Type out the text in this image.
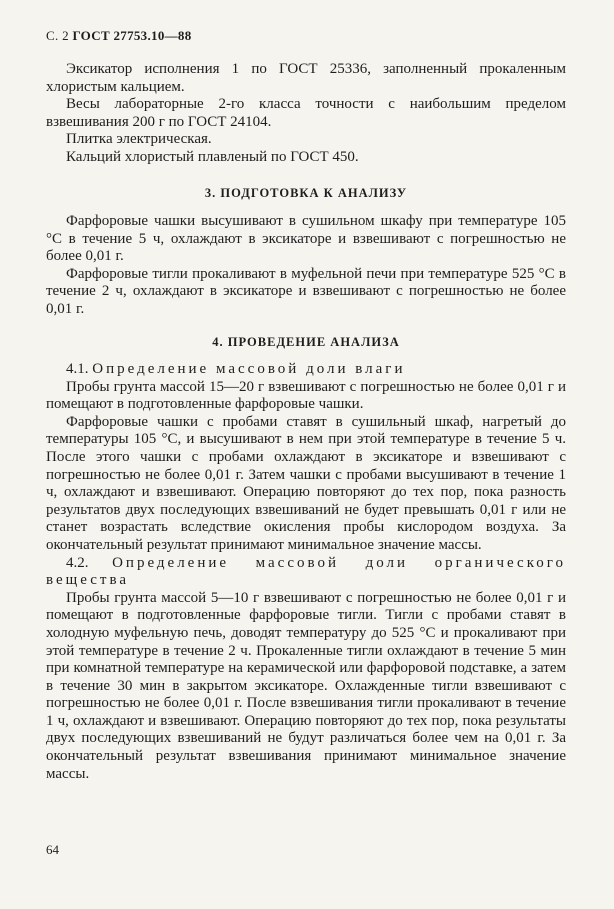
С. 2 ГОСТ 27753.10—88

Эксикатор исполнения 1 по ГОСТ 25336, заполненный прокаленным хлористым кальцием.

Весы лабораторные 2-го класса точности с наибольшим пределом взвешивания 200 г по ГОСТ 24104.

Плитка электрическая.

Кальций хлористый плавленый по ГОСТ 450.

3. ПОДГОТОВКА К АНАЛИЗУ

Фарфоровые чашки высушивают в сушильном шкафу при температуре 105 °С в течение 5 ч, охлаждают в эксикаторе и взвешивают с погрешностью не более 0,01 г.

Фарфоровые тигли прокаливают в муфельной печи при температуре 525 °С в течение 2 ч, охлаждают в эксикаторе и взвешивают с погрешностью не более 0,01 г.

4. ПРОВЕДЕНИЕ АНАЛИЗА

4.1. Определение массовой доли влаги

Пробы грунта массой 15—20 г взвешивают с погрешностью не более 0,01 г и помещают в подготовленные фарфоровые чашки.

Фарфоровые чашки с пробами ставят в сушильный шкаф, нагретый до температуры 105 °С, и высушивают в нем при этой температуре в течение 5 ч. После этого чашки с пробами охлаждают в эксикаторе и взвешивают с погрешностью не более 0,01 г. Затем чашки с пробами высушивают в течение 1 ч, охлаждают и взвешивают. Операцию повторяют до тех пор, пока разность результатов двух последующих взвешиваний не будет превышать 0,01 г или не станет возрастать вследствие окисления пробы кислородом воздуха. За окончательный результат принимают минимальное значение массы.

4.2. Определение массовой доли органического вещества

Пробы грунта массой 5—10 г взвешивают с погрешностью не более 0,01 г и помещают в подготовленные фарфоровые тигли. Тигли с пробами ставят в холодную муфельную печь, доводят температуру до 525 °С и прокаливают при этой температуре в течение 2 ч. Прокаленные тигли охлаждают в течение 5 мин при комнатной температуре на керамической или фарфоровой подставке, а затем в течение 30 мин в закрытом эксикаторе. Охлажденные тигли взвешивают с погрешностью не более 0,01 г. После взвешивания тигли прокаливают в течение 1 ч, охлаждают и взвешивают. Операцию повторяют до тех пор, пока результаты двух последующих взвешиваний не будут различаться более чем на 0,01 г. За окончательный результат взвешивания принимают минимальное значение массы.

64
